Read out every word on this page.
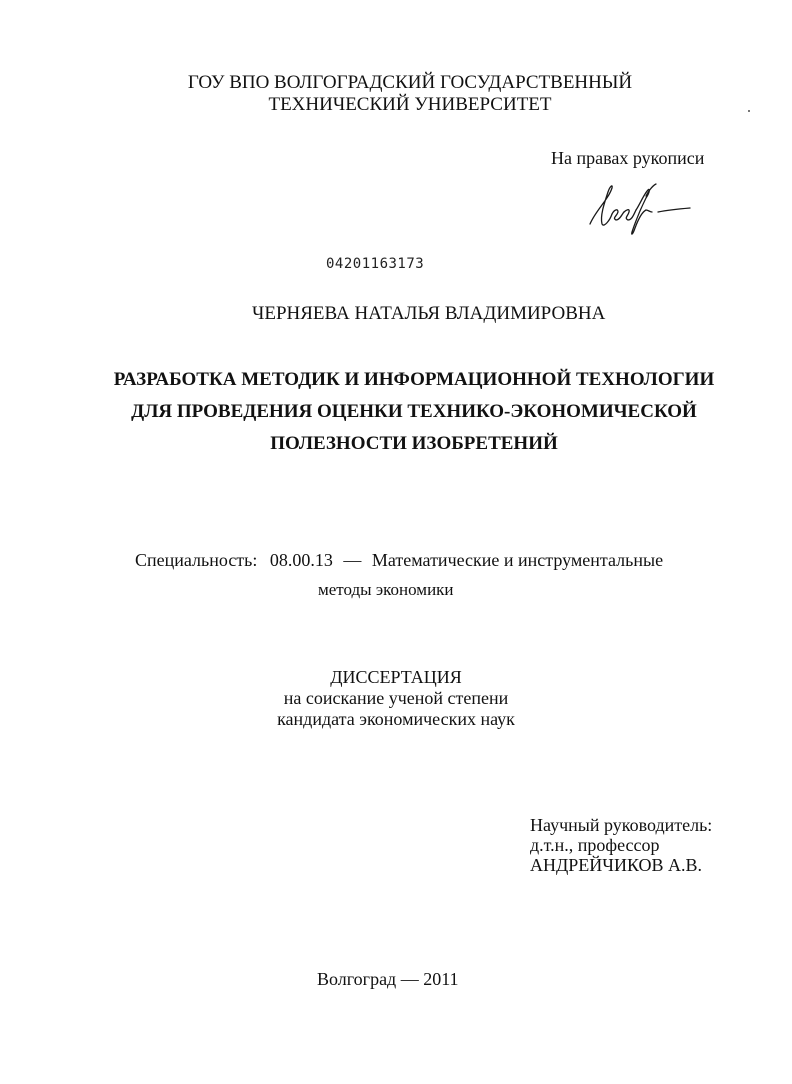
ГОУ ВПО ВОЛГОГРАДСКИЙ ГОСУДАРСТВЕННЫЙ
ТЕХНИЧЕСКИЙ УНИВЕРСИТЕТ
На правах рукописи
04201163173
ЧЕРНЯЕВА НАТАЛЬЯ ВЛАДИМИРОВНА
РАЗРАБОТКА МЕТОДИК И ИНФОРМАЦИОННОЙ ТЕХНОЛОГИИ
ДЛЯ ПРОВЕДЕНИЯ ОЦЕНКИ ТЕХНИКО-ЭКОНОМИЧЕСКОЙ
ПОЛЕЗНОСТИ ИЗОБРЕТЕНИЙ
Специальность: 08.00.13 — Математические и инструментальные
методы экономики
ДИССЕРТАЦИЯ
на соискание ученой степени
кандидата экономических наук
Научный руководитель:
д.т.н., профессор
АНДРЕЙЧИКОВ А.В.
Волгоград — 2011
